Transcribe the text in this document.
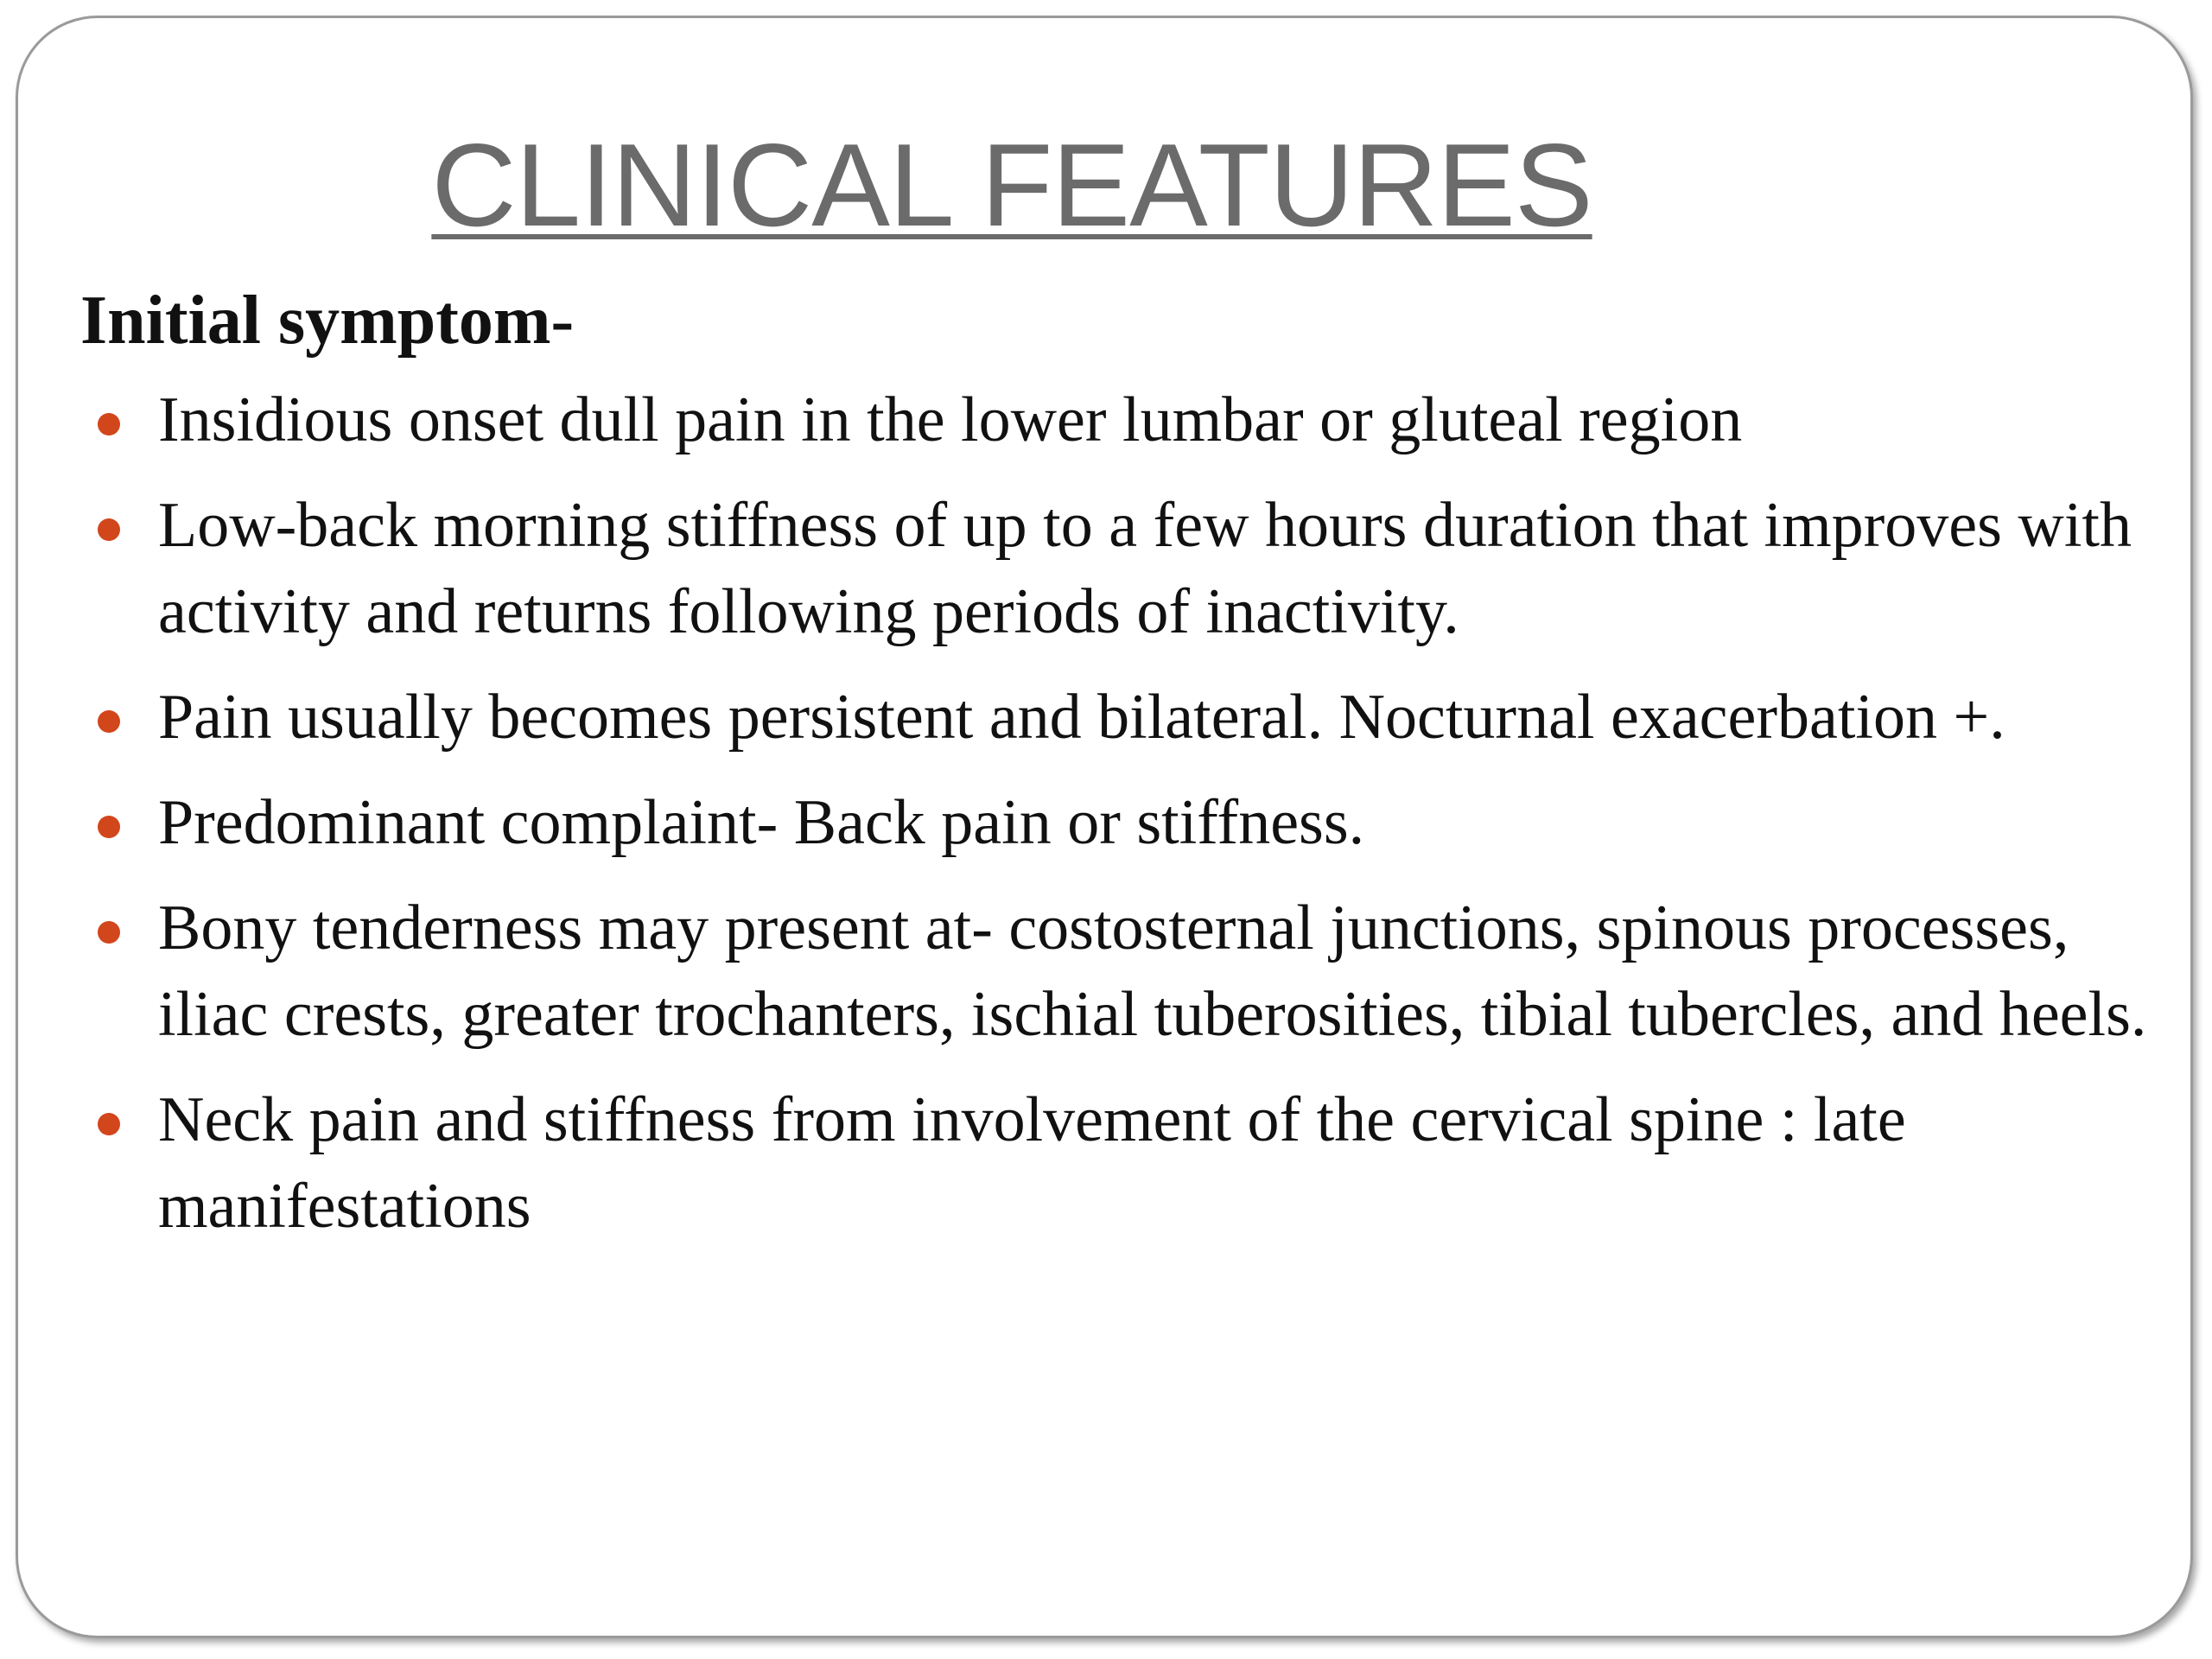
CLINICAL FEATURES
Initial symptom-
Insidious onset dull pain in the lower lumbar or gluteal region
Low-back morning stiffness of up to a few hours duration that improves with activity and returns following periods of inactivity.
Pain usually becomes persistent and bilateral. Nocturnal exacerbation +.
Predominant complaint- Back pain or stiffness.
Bony tenderness may present at- costosternal junctions, spinous processes, iliac crests, greater trochanters, ischial tuberosities, tibial tubercles, and heels.
Neck pain and stiffness from involvement of the cervical spine : late manifestations
